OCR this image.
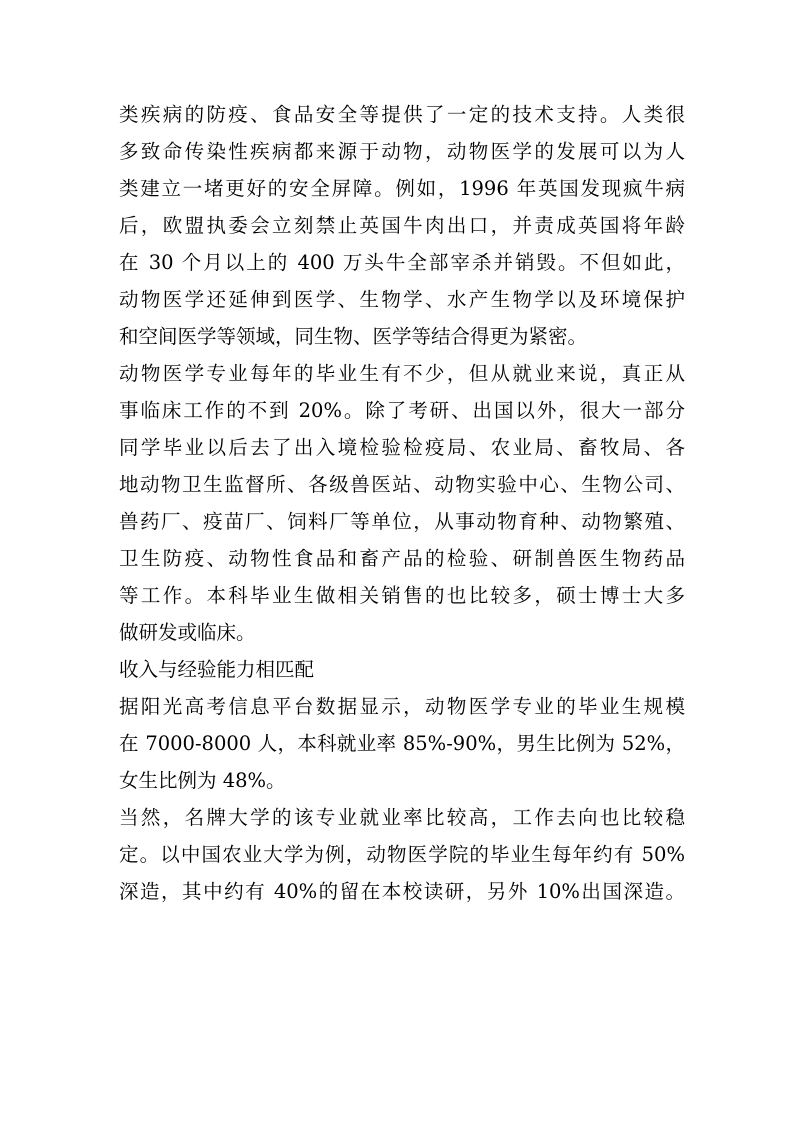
类疾病的防疫、食品安全等提供了一定的技术支持。人类很
多致命传染性疾病都来源于动物，动物医学的发展可以为人
类建立一堵更好的安全屏障。例如，1996 年英国发现疯牛病
后，欧盟执委会立刻禁止英国牛肉出口，并责成英国将年龄
在 30 个月以上的 400 万头牛全部宰杀并销毁。不但如此，
动物医学还延伸到医学、生物学、水产生物学以及环境保护
和空间医学等领域，同生物、医学等结合得更为紧密。
动物医学专业每年的毕业生有不少，但从就业来说，真正从
事临床工作的不到 20%。除了考研、出国以外，很大一部分
同学毕业以后去了出入境检验检疫局、农业局、畜牧局、各
地动物卫生监督所、各级兽医站、动物实验中心、生物公司、
兽药厂、疫苗厂、饲料厂等单位，从事动物育种、动物繁殖、
卫生防疫、动物性食品和畜产品的检验、研制兽医生物药品
等工作。本科毕业生做相关销售的也比较多，硕士博士大多
做研发或临床。
收入与经验能力相匹配
据阳光高考信息平台数据显示，动物医学专业的毕业生规模
在 7000-8000 人，本科就业率 85%-90%，男生比例为 52%，
女生比例为 48%。
当然，名牌大学的该专业就业率比较高，工作去向也比较稳
定。以中国农业大学为例，动物医学院的毕业生每年约有 50%
深造，其中约有 40%的留在本校读研，另外 10%出国深造。
